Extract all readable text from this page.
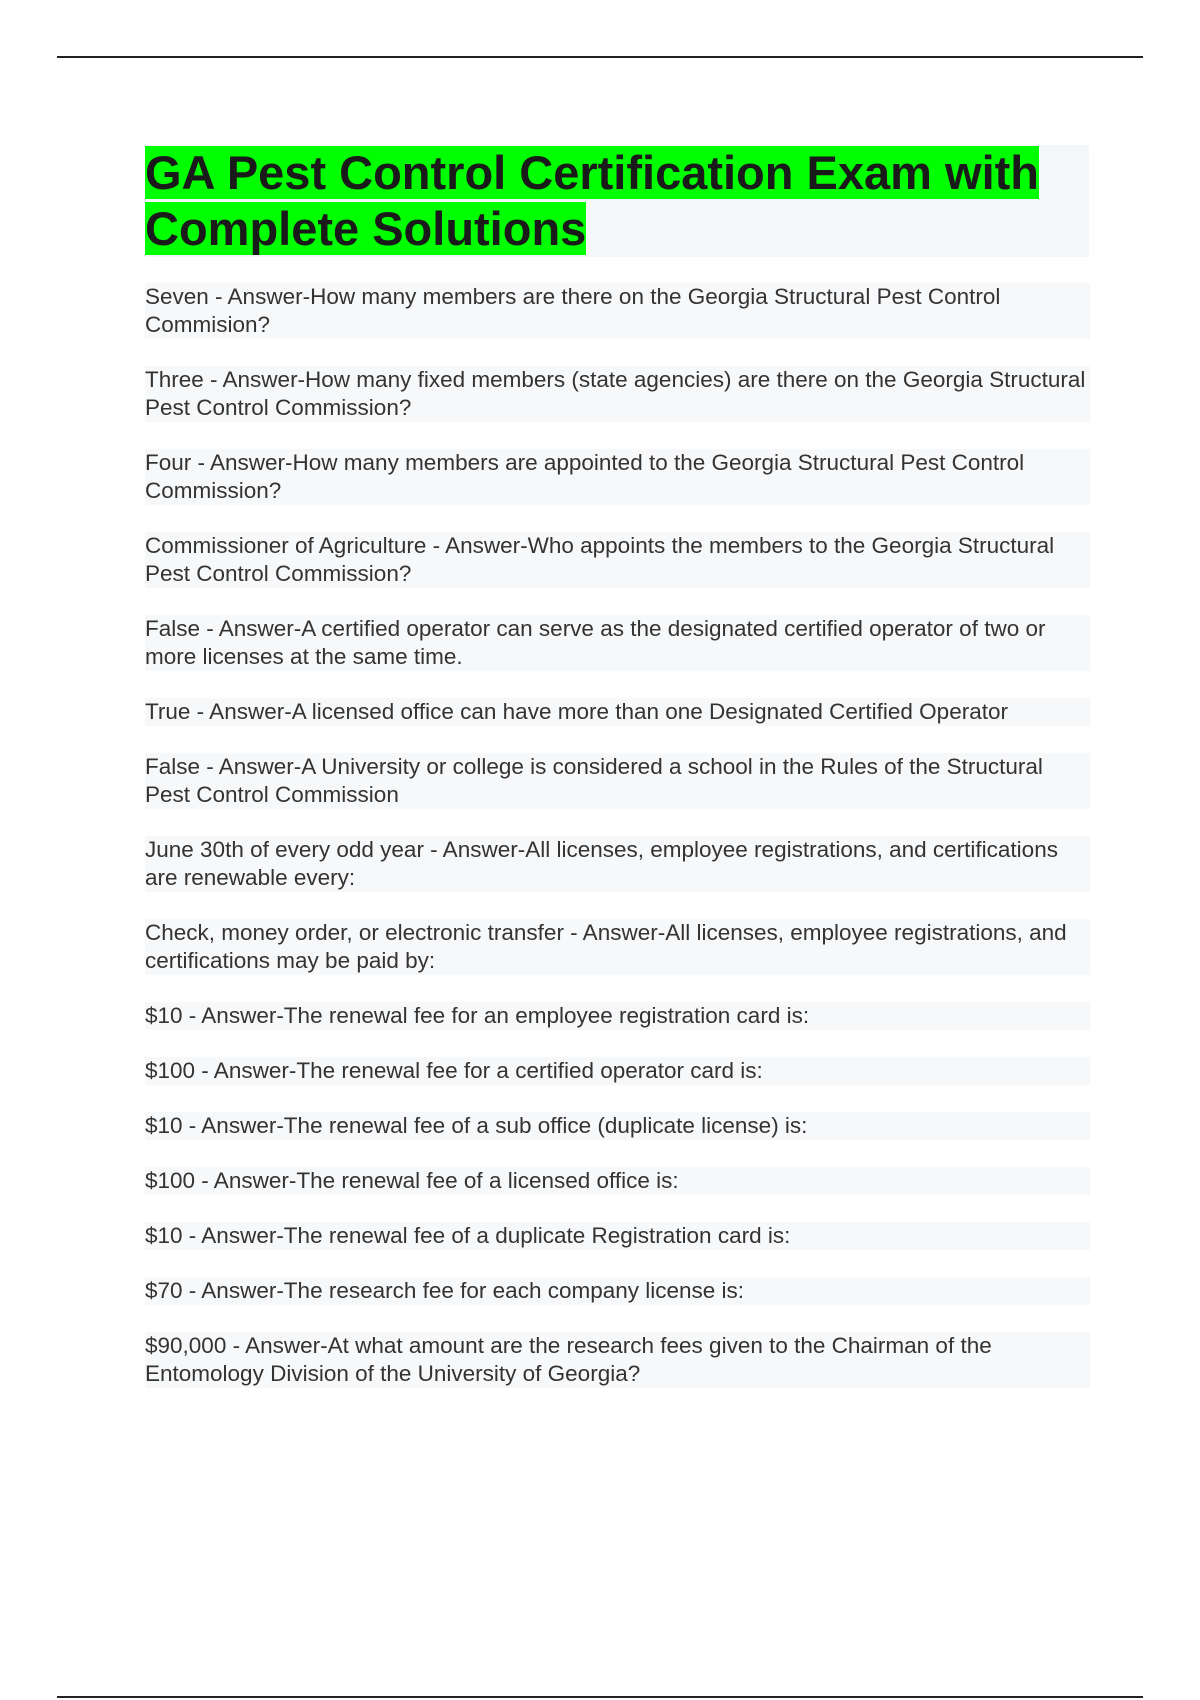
GA Pest Control Certification Exam with Complete Solutions

Seven - Answer-How many members are there on the Georgia Structural Pest Control Commision?

Three - Answer-How many fixed members (state agencies) are there on the Georgia Structural Pest Control Commission?

Four - Answer-How many members are appointed to the Georgia Structural Pest Control Commission?

Commissioner of Agriculture - Answer-Who appoints the members to the Georgia Structural Pest Control Commission?

False - Answer-A certified operator can serve as the designated certified operator of two or more licenses at the same time.

True - Answer-A licensed office can have more than one Designated Certified Operator

False - Answer-A University or college is considered a school in the Rules of the Structural Pest Control Commission

June 30th of every odd year - Answer-All licenses, employee registrations, and certifications are renewable every:

Check, money order, or electronic transfer - Answer-All licenses, employee registrations, and certifications may be paid by:

$10 - Answer-The renewal fee for an employee registration card is:

$100 - Answer-The renewal fee for a certified operator card is:

$10 - Answer-The renewal fee of a sub office (duplicate license) is:

$100 - Answer-The renewal fee of a licensed office is:

$10 - Answer-The renewal fee of a duplicate Registration card is:

$70 - Answer-The research fee for each company license is:

$90,000 - Answer-At what amount are the research fees given to the Chairman of the Entomology Division of the University of Georgia?
